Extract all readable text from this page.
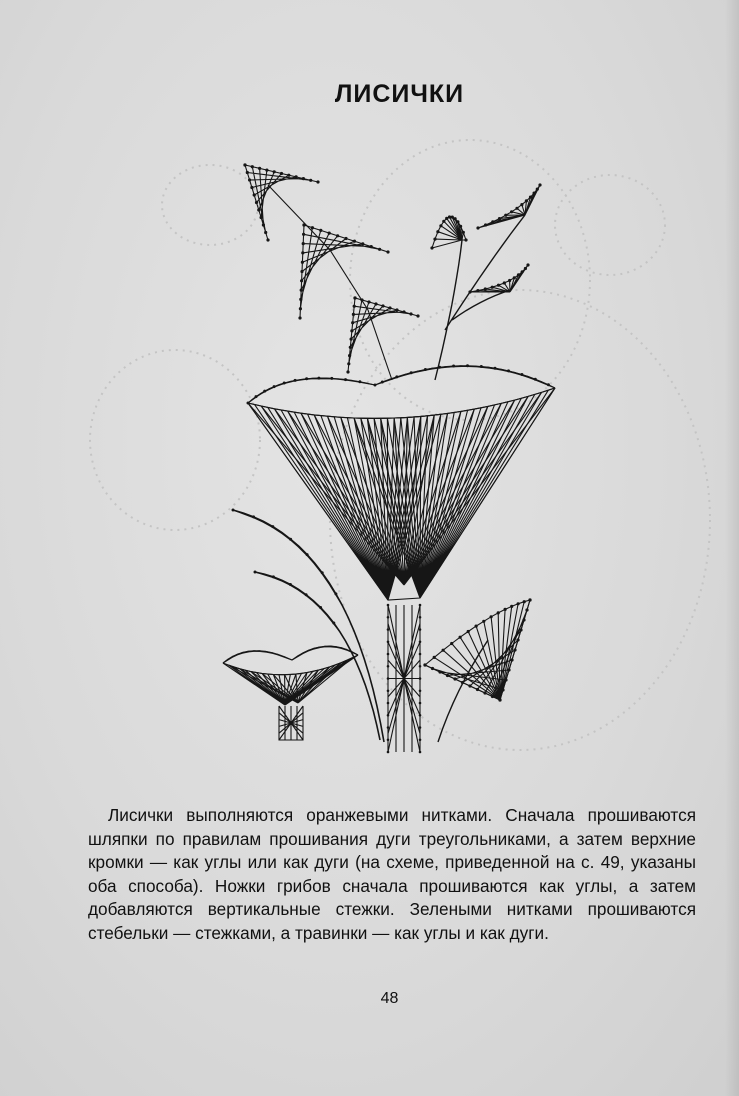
ЛИСИЧКИ
Лисички выполняются оранжевыми нитками. Сначала прошиваются шляпки по правилам прошивания дуги треугольниками, а затем верхние кромки — как углы или как дуги (на схеме, приведенной на с. 49, указаны оба способа). Ножки грибов сначала прошиваются как углы, а затем добавляются вертикальные стежки. Зелеными нитками прошиваются стебельки — стежками, а травинки — как углы и как дуги.
48
